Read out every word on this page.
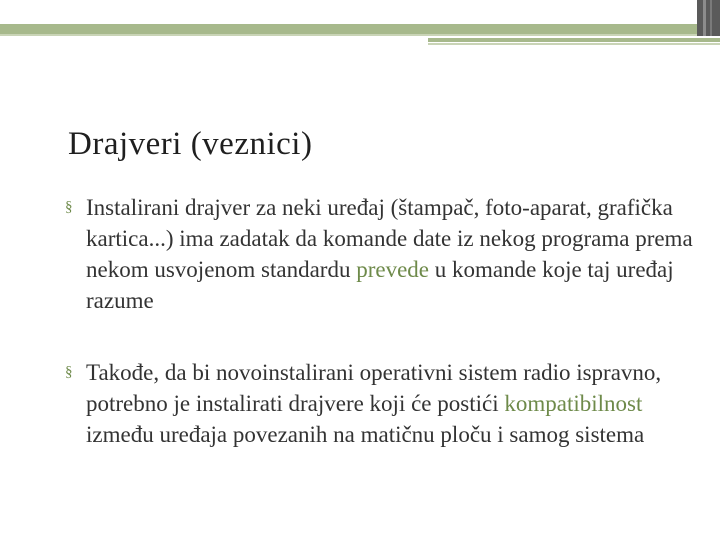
Drajveri (veznici)
§ Instalirani drajver za neki uređaj (štampač, foto-aparat, grafička kartica...) ima zadatak da komande date iz nekog programa prema nekom usvojenom standardu prevede u komande koje taj uređaj razume
§ Takođe, da bi novoinstalirani operativni sistem radio ispravno, potrebno je instalirati drajvere koji će postići kompatibilnost između uređaja povezanih na matičnu ploču i samog sistema
